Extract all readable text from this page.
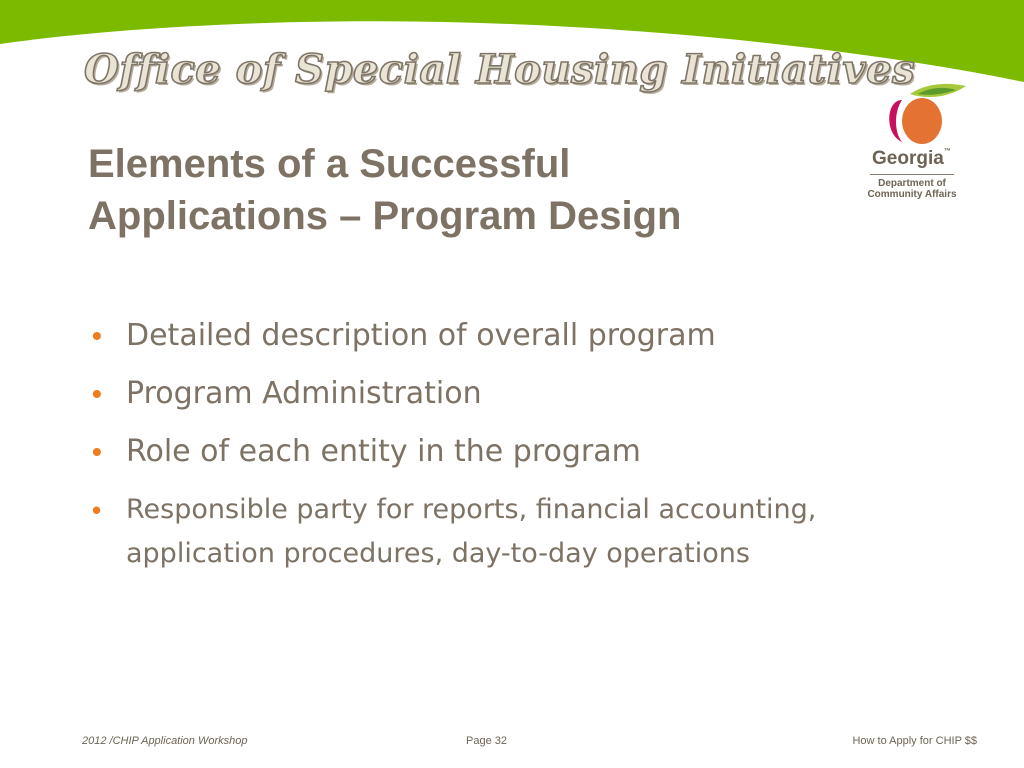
Office of Special Housing Initiatives
Elements of a Successful
Applications – Program Design
Georgia™
Department of
Community Affairs
• Detailed description of overall program
• Program Administration
• Role of each entity in the program
• Responsible party for reports, financial accounting, application procedures, day-to-day operations
2012 /CHIP Application Workshop	Page 32	How to Apply for CHIP $$
